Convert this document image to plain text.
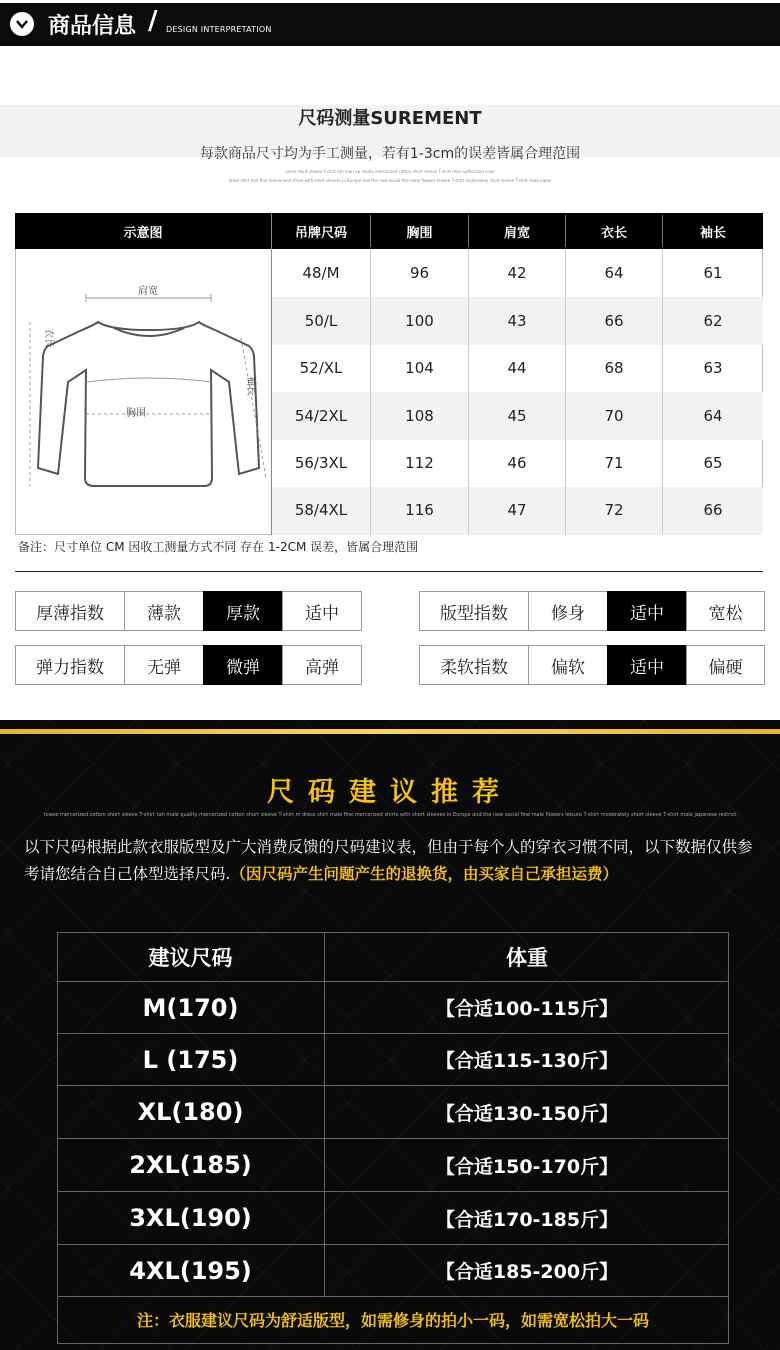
商品信息 / DESIGN INTERPRETATION
尺码测量SUREMENT
每款商品尺寸均为手工测量，若有1-3cm的误差皆属合理范围
union short sleeve T-shirt tah man up adults mercerized cotton short sleeve T-shirt man authorized color
dress shirt hair fine mercerized shirts with short sleeves in Europe and the new social fine male flowers leisure T-shirt moderately short sleeve T-shirt male japan
示意图	吊牌尺码	胸围	肩宽	衣长	袖长
48/M	96	42	64	61
50/L	100	43	66	62
52/XL	104	44	68	63
54/2XL	108	45	70	64
56/3XL	112	46	71	65
58/4XL	116	47	72	66
肩宽
胸围
衣长
袖长
备注：尺寸单位 CM 因收工测量方式不同 存在 1-2CM 误差，皆属合理范围
厚薄指数	薄款	厚款	适中
弹力指数	无弹	微弹	高弹
版型指数	修身	适中	宽松
柔软指数	偏软	适中	偏硬
尺码建议推荐
rowse mercerized cotton short sleeve T-shirt tah male quality mercerized cotton short sleeve T-shirt m dress shirt male fine mercerized shirts with short sleeves in Europe and the new social fine male flowers leisure T-shirt moderately short sleeve T-shirt male japanese restrict
以下尺码根据此款衣服版型及广大消费反馈的尺码建议表，但由于每个人的穿衣习惯不同，以下数据仅供参考请您结合自己体型选择尺码.（因尺码产生问题产生的退换货，由买家自己承担运费）
建议尺码	体重
M(170)	【合适100-115斤】
L (175)	【合适115-130斤】
XL(180)	【合适130-150斤】
2XL(185)	【合适150-170斤】
3XL(190)	【合适170-185斤】
4XL(195)	【合适185-200斤】
注：衣服建议尺码为舒适版型，如需修身的拍小一码，如需宽松拍大一码
